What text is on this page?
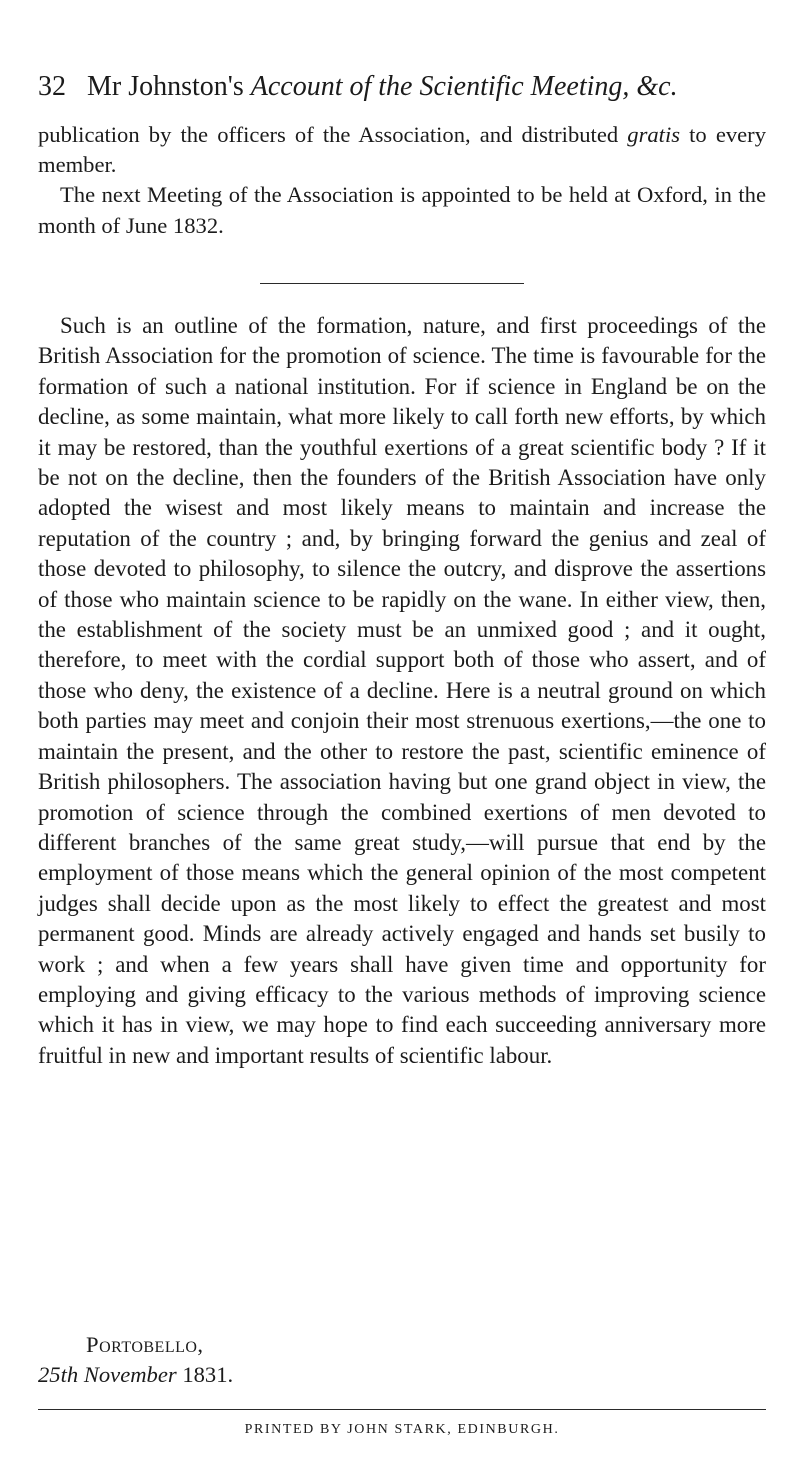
32 Mr Johnston's Account of the Scientific Meeting, &c.

publication by the officers of the Association, and distributed gratis to every member.

The next Meeting of the Association is appointed to be held at Oxford, in the month of June 1832.

Such is an outline of the formation, nature, and first proceedings of the British Association for the promotion of science. The time is favourable for the formation of such a national institution. For if science in England be on the decline, as some maintain, what more likely to call forth new efforts, by which it may be restored, than the youthful exertions of a great scientific body ? If it be not on the decline, then the founders of the British Association have only adopted the wisest and most likely means to maintain and increase the reputation of the country ; and, by bringing forward the genius and zeal of those devoted to philosophy, to silence the outcry, and disprove the assertions of those who maintain science to be rapidly on the wane. In either view, then, the establishment of the society must be an unmixed good ; and it ought, therefore, to meet with the cordial support both of those who assert, and of those who deny, the existence of a decline. Here is a neutral ground on which both parties may meet and conjoin their most strenuous exertions,—the one to maintain the present, and the other to restore the past, scientific eminence of British philosophers. The association having but one grand object in view, the promotion of science through the combined exertions of men devoted to different branches of the same great study,—will pursue that end by the employment of those means which the general opinion of the most competent judges shall decide upon as the most likely to effect the greatest and most permanent good. Minds are already actively engaged and hands set busily to work ; and when a few years shall have given time and opportunity for employing and giving efficacy to the various methods of improving science which it has in view, we may hope to find each succeeding anniversary more fruitful in new and important results of scientific labour.

Portobello,
25th November 1831.
PRINTED BY JOHN STARK, EDINBURGH.
